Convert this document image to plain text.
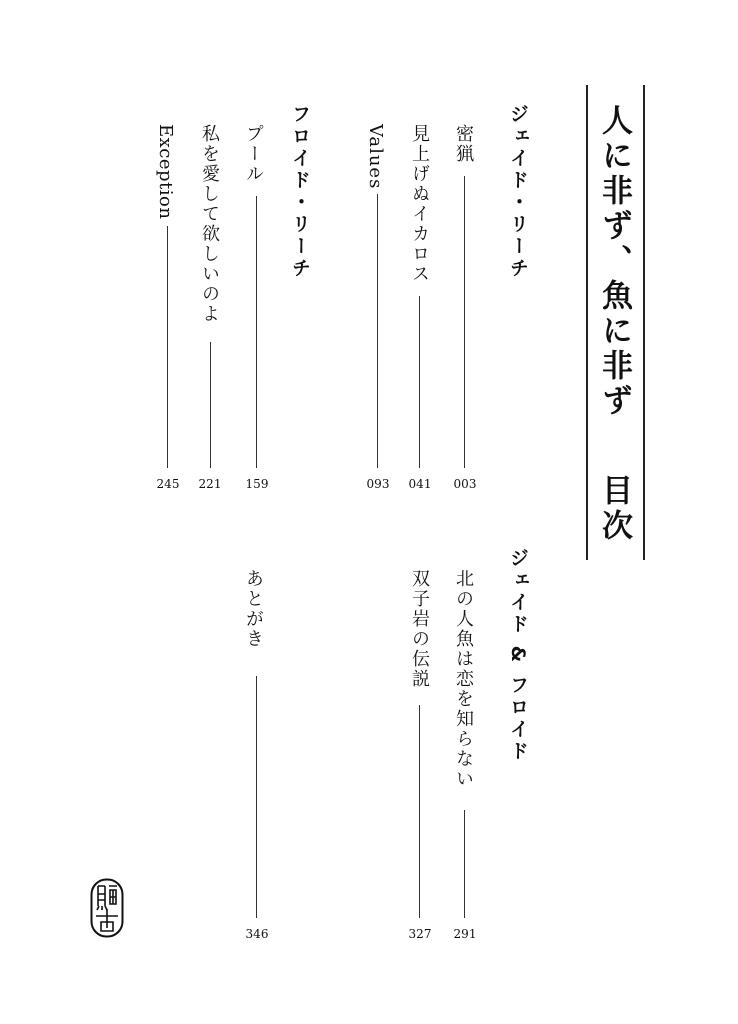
人に非ず、魚に非ず目次
ジェイド・リーチ
フロイド・リーチ	密猟
003
見上げぬイカロス
041
Values
093
プール
159
私を愛して欲しいのよ
221
Exception
245
ジェイド & フロイド
北の人魚は恋を知らない
291
双子岩の伝説
327
あとがき
346
